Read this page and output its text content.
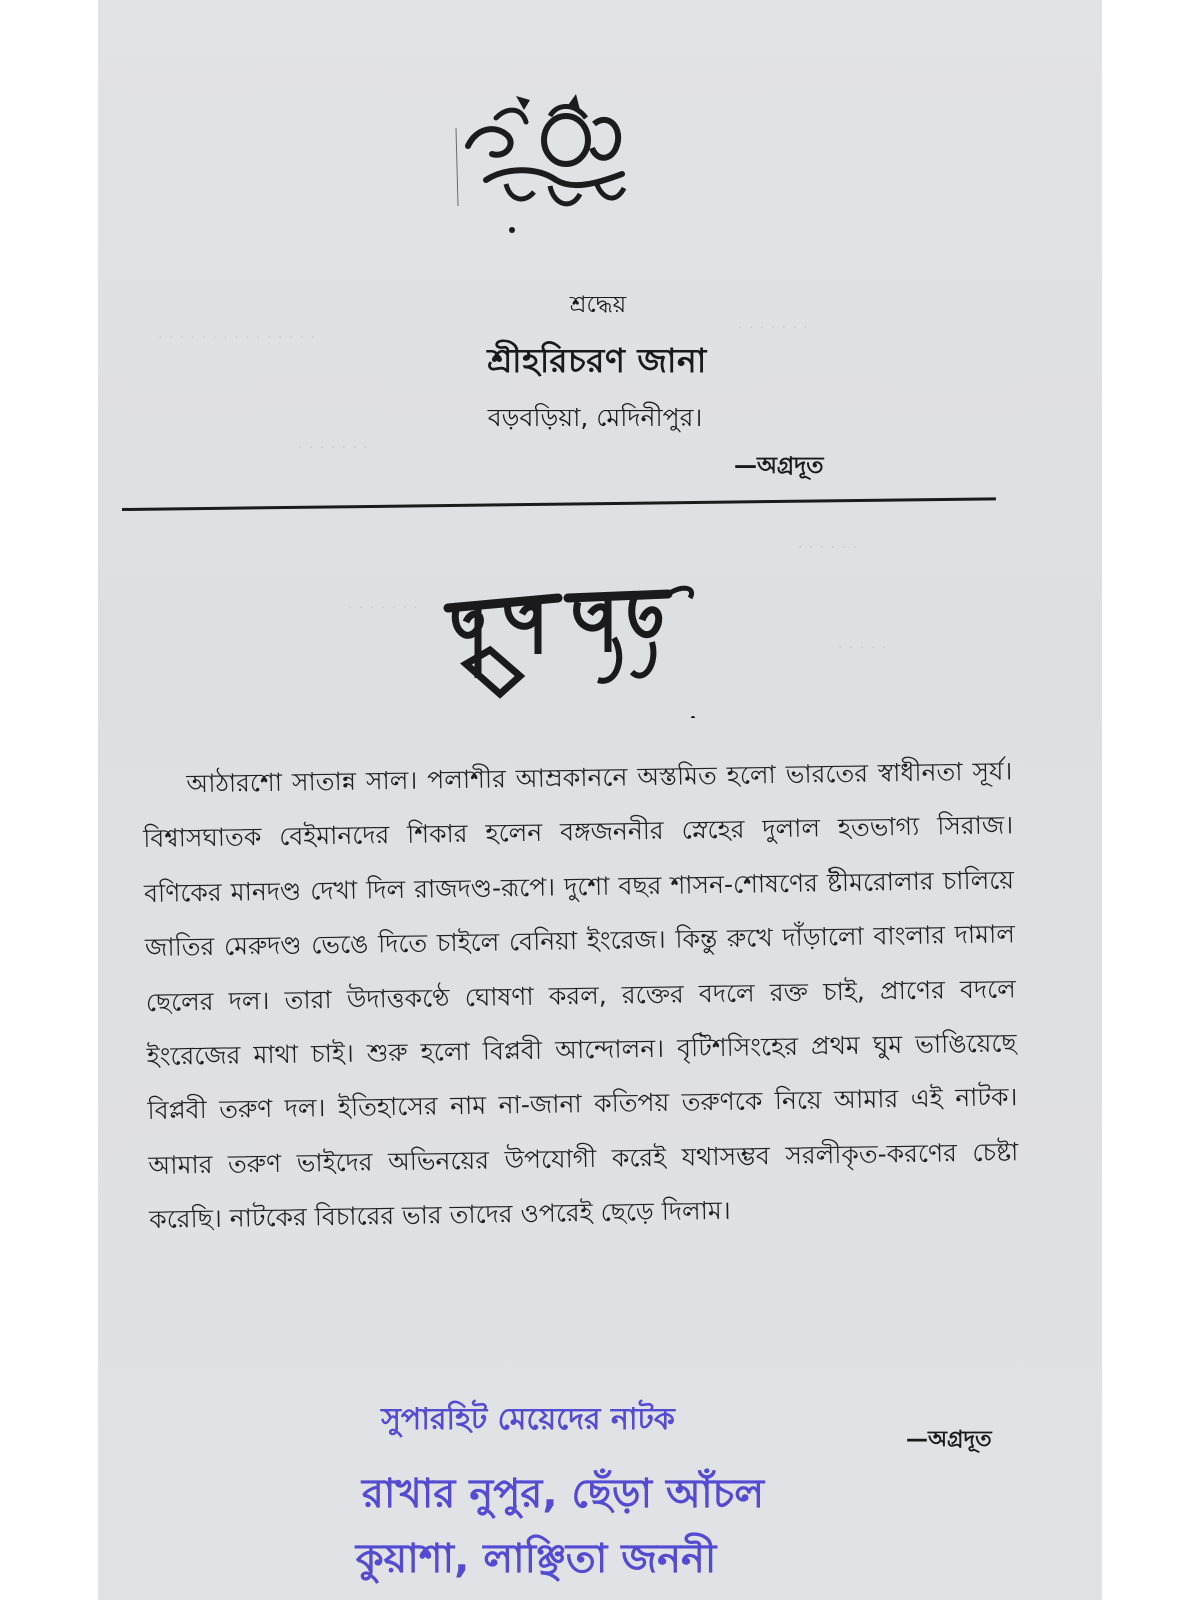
· · · · · · · · · · · · · · ·
· · · · · · ·
· · · · · · ·
· · · · · ·
· · · · · · ·
· · · · ·
শ্রদ্ধেয়
শ্রীহরিচরণ জানা
বড়বড়িয়া, মেদিনীপুর।
—অগ্রদূত
আঠারশো সাতান্ন সাল। পলাশীর আম্রকাননে অস্তমিত হলো ভারতের স্বাধীনতা সূর্য। বিশ্বাসঘাতক বেইমানদের শিকার হলেন বঙ্গজননীর স্নেহের দুলাল হতভাগ্য সিরাজ। বণিকের মানদণ্ড দেখা দিল রাজদণ্ড-রূপে। দুশো বছর শাসন-শোষণের ষ্টীমরোলার চালিয়ে জাতির মেরুদণ্ড ভেঙে দিতে চাইলে বেনিয়া ইংরেজ। কিন্তু রুখে দাঁড়ালো বাংলার দামাল ছেলের দল। তারা উদাত্তকণ্ঠে ঘোষণা করল, রক্তের বদলে রক্ত চাই, প্রাণের বদলে ইংরেজের মাথা চাই। শুরু হলো বিপ্লবী আন্দোলন। বৃটিশসিংহের প্রথম ঘুম ভাঙিয়েছে বিপ্লবী তরুণ দল। ইতিহাসের নাম না-জানা কতিপয় তরুণকে নিয়ে আমার এই নাটক। আমার তরুণ ভাইদের অভিনয়ের উপযোগী করেই যথাসম্ভব সরলীকৃত-করণের চেষ্টা করেছি। নাটকের বিচারের ভার তাদের ওপরেই ছেড়ে দিলাম।
—অগ্রদূত
সুপারহিট মেয়েদের নাটক
রাখার নুপুর, ছেঁড়া আঁচল
কুয়াশা, লাঞ্ছিতা জননী
